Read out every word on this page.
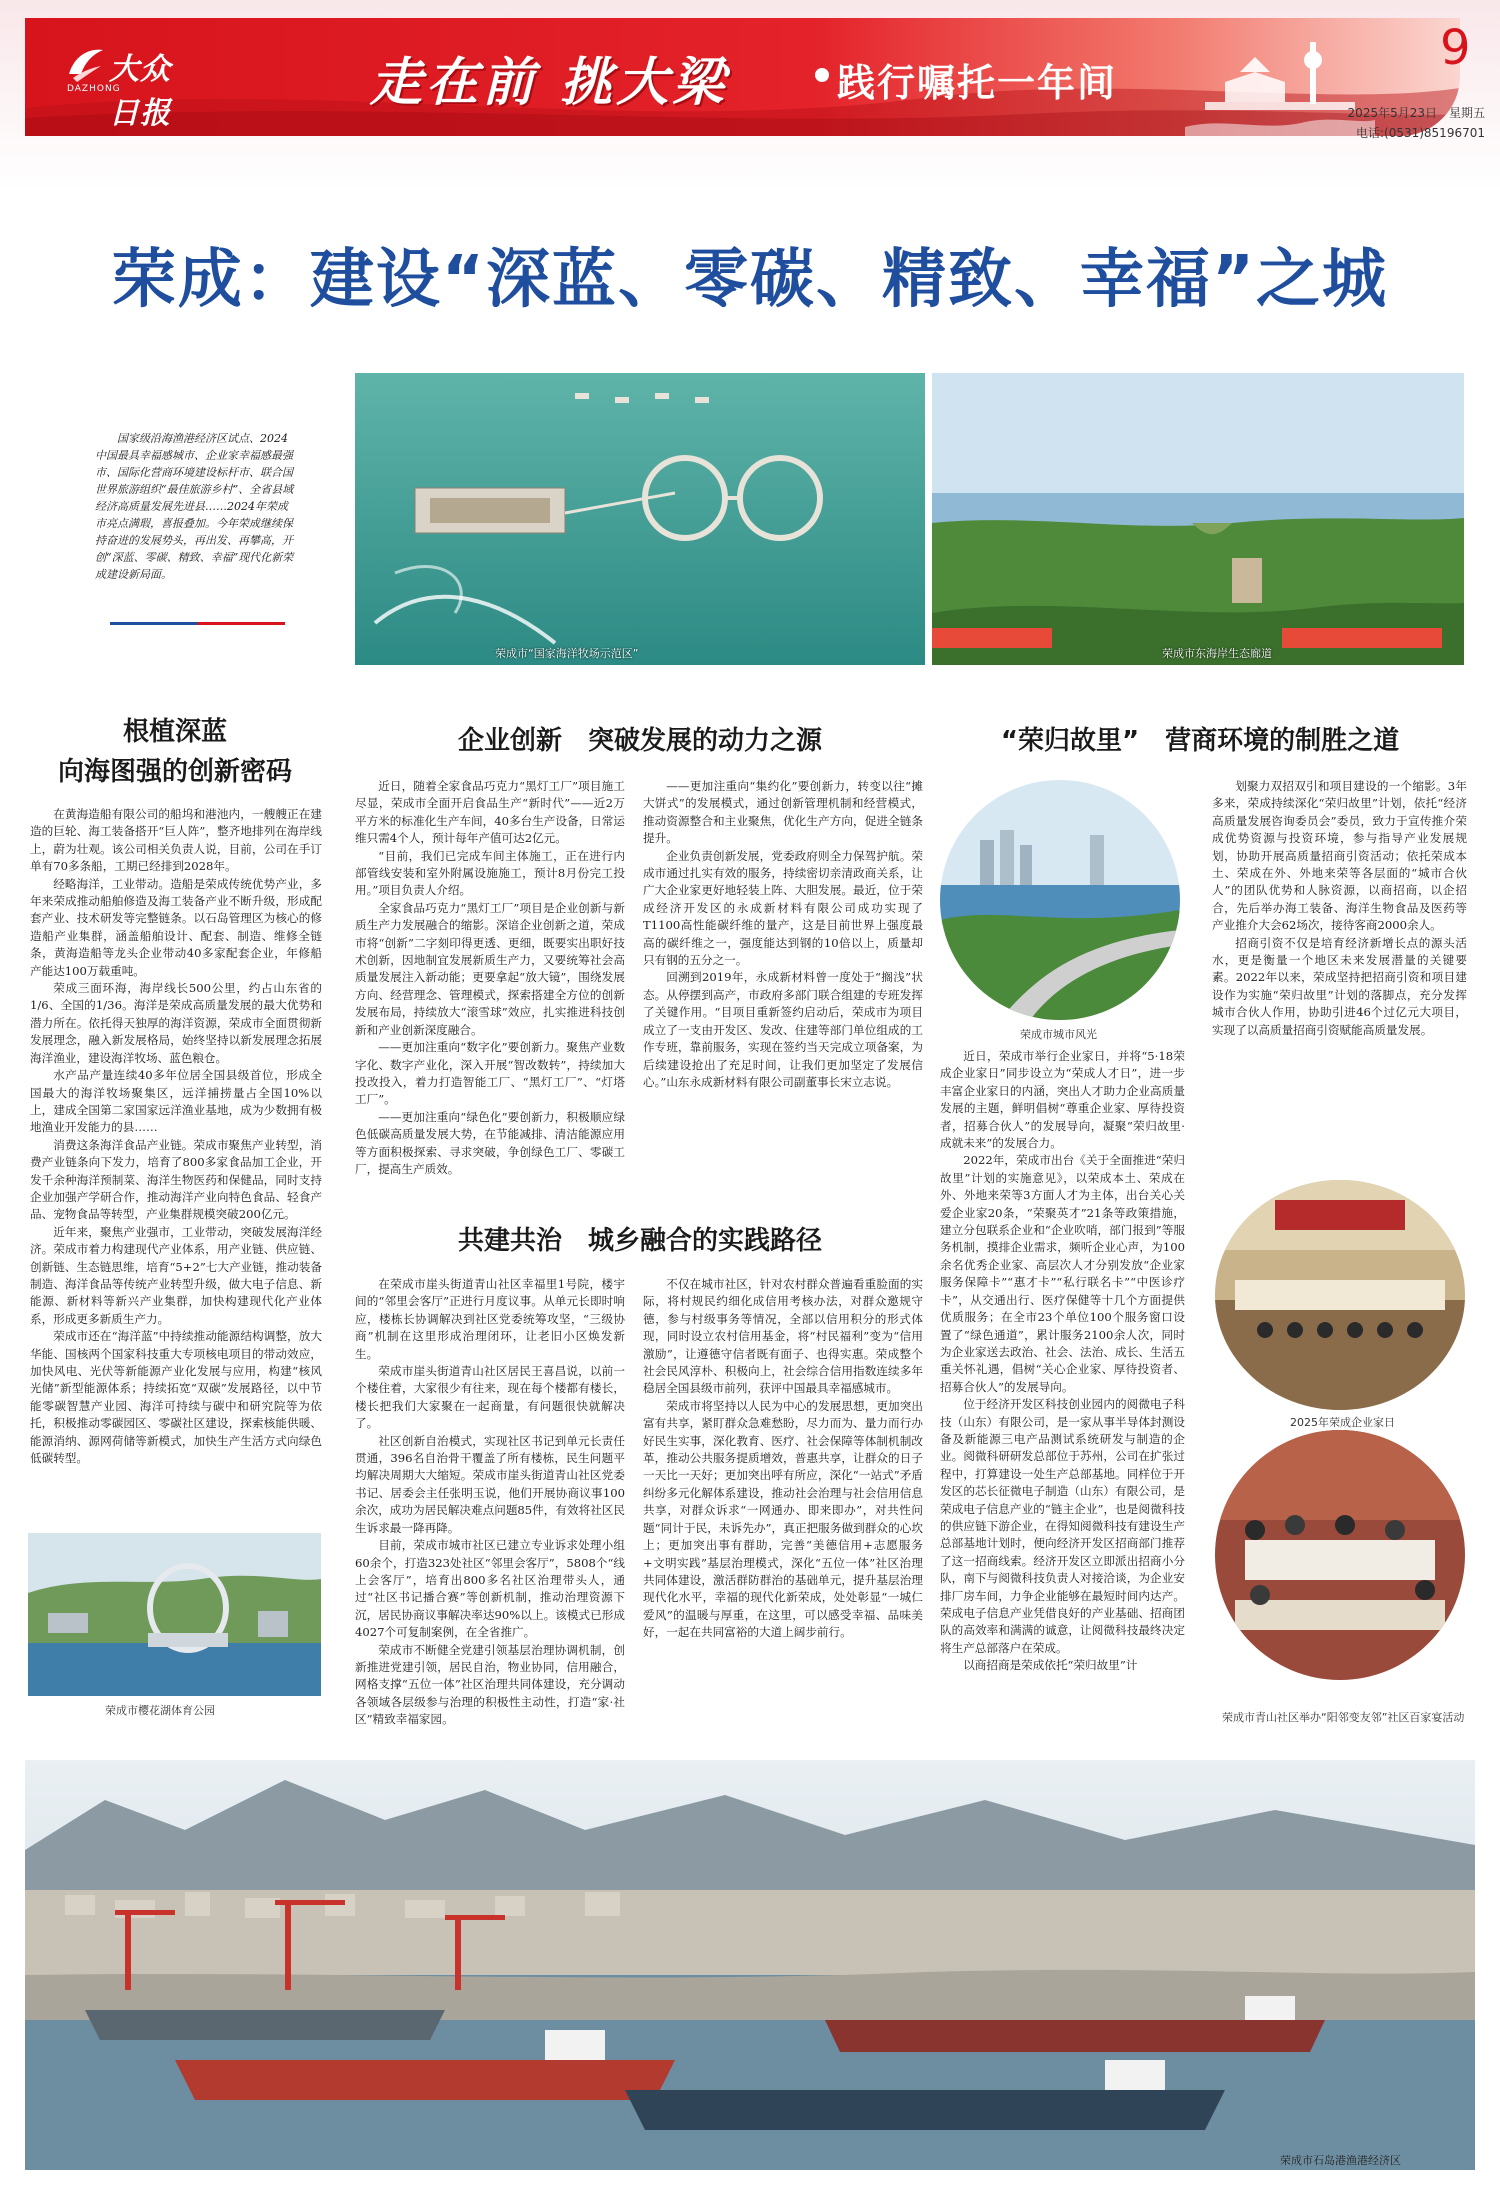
大众日报
DAZHONG	走在前 挑大梁	践行嘱托一年间
9
2025年5月23日　星期五
电话:(0531)85196701
荣成：建设“深蓝、零碳、精致、幸福”之城
国家级沿海渔港经济区试点、2024中国最具幸福感城市、企业家幸福感最强市、国际化营商环境建设标杆市、联合国世界旅游组织“最佳旅游乡村”、全省县域经济高质量发展先进县……2024年荣成市亮点满瑕，喜报叠加。今年荣成继续保持奋进的发展势头，再出发、再攀高，开创“深蓝、零碳、精致、幸福”现代化新荣成建设新局面。
荣成市“国家海洋牧场示范区”	荣成市东海岸生态廊道
根植深蓝
向海图强的创新密码

在黄海造船有限公司的船坞和港池内，一艘艘正在建造的巨轮、海工装备搭开“巨人阵”，整齐地排列在海岸线上，蔚为壮观。该公司相关负责人说，目前，公司在手订单有70多条船，工期已经排到2028年。

经略海洋，工业带动。造船是荣成传统优势产业，多年来荣成推动船舶修造及海工装备产业不断升级，形成配套产业、技术研发等完整链条。以石岛管理区为核心的修造船产业集群，涵盖船舶设计、配套、制造、维修全链条，黄海造船等龙头企业带动40多家配套企业，年修船产能达100万载重吨。

荣成三面环海，海岸线长500公里，约占山东省的1/6、全国的1/36。海洋是荣成高质量发展的最大优势和潜力所在。依托得天独厚的海洋资源，荣成市全面贯彻新发展理念，融入新发展格局，始终坚持以新发展理念拓展海洋渔业，建设海洋牧场、蓝色粮仓。

水产品产量连续40多年位居全国县级首位，形成全国最大的海洋牧场聚集区，远洋捕捞量占全国10%以上，建成全国第二家国家远洋渔业基地，成为少数拥有极地渔业开发能力的县……

消费这条海洋食品产业链。荣成市聚焦产业转型，消费产业链条向下发力，培育了800多家食品加工企业，开发千余种海洋预制菜、海洋生物医药和保健品，同时支持企业加强产学研合作，推动海洋产业向特色食品、轻食产品、宠物食品等转型，产业集群规模突破200亿元。

近年来，聚焦产业强市，工业带动，突破发展海洋经济。荣成市着力构建现代产业体系，用产业链、供应链、创新链、生态链思维，培育“5+2”七大产业链，推动装备制造、海洋食品等传统产业转型升级，做大电子信息、新能源、新材料等新兴产业集群，加快构建现代化产业体系，形成更多新质生产力。

荣成市还在“海洋蓝”中持续推动能源结构调整，放大华能、国核两个国家科技重大专项核电项目的带动效应，加快风电、光伏等新能源产业化发展与应用，构建“核风光储”新型能源体系；持续拓宽“双碳”发展路径，以中节能零碳智慧产业园、海洋可持续与碳中和研究院等为依托，积极推动零碳园区、零碳社区建设，探索核能供暖、能源消纳、源网荷储等新模式，加快生产生活方式向绿色低碳转型。

荣成市樱花湖体育公园
企业创新　突破发展的动力之源

近日，随着全家食品巧克力“黑灯工厂”项目施工尽显，荣成市全面开启食品生产“新时代”——近2万平方米的标准化生产车间，40多台生产设备，日常运维只需4个人，预计每年产值可达2亿元。

“目前，我们已完成车间主体施工，正在进行内部管线安装和室外附属设施施工，预计8月份完工投用。”项目负责人介绍。

全家食品巧克力“黑灯工厂”项目是企业创新与新质生产力发展融合的缩影。深谙企业创新之道，荣成市将“创新”二字刻印得更透、更细，既要实出职好技术创新，因地制宜发展新质生产力，又要统筹社会高质量发展注入新动能；更要拿起“放大镜”，围绕发展方向、经营理念、管理模式，探索搭建全方位的创新发展布局，持续放大“滚雪球”效应，扎实推进科技创新和产业创新深度融合。

——更加注重向“数字化”要创新力。聚焦产业数字化、数字产业化，深入开展“智改数转”，持续加大投改投入，着力打造智能工厂、“黑灯工厂”、“灯塔工厂”。

——更加注重向“绿色化”要创新力，积极顺应绿色低碳高质量发展大势，在节能减排、清洁能源应用等方面积极探索、寻求突破，争创绿色工厂、零碳工厂，提高生产质效。

——更加注重向“集约化”要创新力，转变以往“摊大饼式”的发展模式，通过创新管理机制和经营模式，推动资源整合和主业聚焦，优化生产方向，促进全链条提升。

企业负责创新发展，党委政府则全力保驾护航。荣成市通过扎实有效的服务，持续密切亲清政商关系，让广大企业家更好地轻装上阵、大胆发展。最近，位于荣成经济开发区的永成新材料有限公司成功实现了T1100高性能碳纤维的量产，这是目前世界上强度最高的碳纤维之一，强度能达到钢的10倍以上，质量却只有钢的五分之一。

回溯到2019年，永成新材料曾一度处于“搁浅”状态。从停摆到高产，市政府多部门联合组建的专班发挥了关键作用。“目项目重新签约启动后，荣成市为项目成立了一支由开发区、发改、住建等部门单位组成的工作专班，靠前服务，实现在签约当天完成立项备案，为后续建设抢出了充足时间，让我们更加坚定了发展信心。”山东永成新材料有限公司副董事长宋立志说。

共建共治　城乡融合的实践路径

在荣成市崖头街道青山社区幸福里1号院，楼宇间的“邻里会客厅”正进行月度议事。从单元长即时响应，楼栋长协调解决到社区党委统筹攻坚，“三级协商”机制在这里形成治理闭环，让老旧小区焕发新生。

荣成市崖头街道青山社区居民王喜昌说，以前一个楼住着，大家很少有往来，现在每个楼都有楼长，楼长把我们大家聚在一起商量，有问题很快就解决了。

社区创新自治模式，实现社区书记到单元长责任贯通，396名自治骨干覆盖了所有楼栋，民生问题平均解决周期大大缩短。荣成市崖头街道青山社区党委书记、居委会主任张明玉说，他们开展协商议事100余次，成功为居民解决难点问题85件，有效将社区民生诉求最一降再降。

目前，荣成市城市社区已建立专业诉求处理小组60余个，打造323处社区“邻里会客厅”，5808个“线上会客厅”，培育出800多名社区治理带头人，通过“社区书记播合赛”等创新机制，推动治理资源下沉，居民协商议事解决率达90%以上。该模式已形成4027个可复制案例，在全省推广。

荣成市不断健全党建引领基层治理协调机制，创新推进党建引领，居民自治，物业协同，信用融合，网格支撑“五位一体”社区治理共同体建设，充分调动各领域各层级参与治理的积极性主动性，打造“家·社区”精致幸福家园。

不仅在城市社区，针对农村群众普遍看重脸面的实际，将村规民约细化成信用考核办法，对群众邀规守德，参与村级事务等情况，全部以信用积分的形式体现，同时设立农村信用基金，将“村民福利”变为“信用激励”，让遵德守信者既有面子、也得实惠。荣成整个社会民风淳朴、积极向上，社会综合信用指数连续多年稳居全国县级市前列，获评中国最具幸福感城市。

荣成市将坚持以人民为中心的发展思想，更加突出富有共享，紧盯群众急难愁盼，尽力而为、量力而行办好民生实事，深化教育、医疗、社会保障等体制机制改革，推动公共服务提质增效，普惠共享，让群众的日子一天比一天好；更加突出呼有所应，深化“一站式”矛盾纠纷多元化解体系建设，推动社会治理与社会信用信息共享，对群众诉求“一网通办、即来即办”，对共性问题“同计于民，未诉先办”，真正把服务做到群众的心坎上；更加突出事有群助，完善“美德信用+志愿服务+文明实践”基层治理模式，深化“五位一体”社区治理共同体建设，激活群防群治的基础单元，提升基层治理现代化水平，幸福的现代化新荣成，处处彰显“一城仁爱风”的温暖与厚重，在这里，可以感受幸福、品味美好，一起在共同富裕的大道上阔步前行。

“荣归故里”　营商环境的制胜之道
荣成市城市风光

近日，荣成市举行企业家日，并将“5·18荣成企业家日”同步设立为“荣成人才日”，进一步丰富企业家日的内涵，突出人才助力企业高质量发展的主题，鲜明倡树“尊重企业家、厚待投资者，招募合伙人”的发展导向，凝聚“荣归故里·成就未来”的发展合力。

2022年，荣成市出台《关于全面推进“荣归故里”计划的实施意见》，以荣成本土、荣成在外、外地来荣等3方面人才为主体，出台关心关爱企业家20条，“荣聚英才”21条等政策措施，建立分包联系企业和“企业吹哨，部门报到”等服务机制，摸排企业需求，频听企业心声，为100余名优秀企业家、高层次人才分别发放“企业家服务保障卡”“惠才卡”“私行联名卡”“中医诊疗卡”，从交通出行、医疗保健等十几个方面提供优质服务；在全市23个单位100个服务窗口设置了“绿色通道”，累计服务2100余人次，同时为企业家送去政治、社会、法治、成长、生活五重关怀礼遇，倡树“关心企业家、厚待投资者、招募合伙人”的发展导向。

位于经济开发区科技创业园内的阅微电子科技（山东）有限公司，是一家从事半导体封测设备及新能源三电产品测试系统研发与制造的企业。阅微科研研发总部位于苏州，公司在扩张过程中，打算建设一处生产总部基地。同样位于开发区的芯长征微电子制造（山东）有限公司，是荣成电子信息产业的“链主企业”，也是阅微科技的供应链下游企业，在得知阅微科技有建设生产总部基地计划时，便向经济开发区招商部门推荐了这一招商线索。经济开发区立即派出招商小分队，南下与阅微科技负责人对接洽谈，为企业安排厂房车间，力争企业能够在最短时间内达产。荣成电子信息产业凭借良好的产业基础、招商团队的高效率和满满的诚意，让阅微科技最终决定将生产总部落户在荣成。

以商招商是荣成依托“荣归故里”计

划聚力双招双引和项目建设的一个缩影。3年多来，荣成持续深化“荣归故里”计划，依托“经济高质量发展咨询委员会”委员，致力于宣传推介荣成优势资源与投资环境，参与指导产业发展规划，协助开展高质量招商引资活动；依托荣成本土、荣成在外、外地来荣等各层面的“城市合伙人”的团队优势和人脉资源，以商招商，以企招合，先后举办海工装备、海洋生物食品及医药等产业推介大会62场次，接待客商2000余人。

招商引资不仅是培育经济新增长点的源头活水，更是衡量一个地区未来发展潜量的关键要素。2022年以来，荣成坚持把招商引资和项目建设作为实施“荣归故里”计划的落脚点，充分发挥城市合伙人作用，协助引进46个过亿元大项目，实现了以高质量招商引资赋能高质量发展。

2025年荣成企业家日
荣成市青山社区举办“阳邻变友邻”社区百家宴活动
荣成市石岛港渔港经济区
